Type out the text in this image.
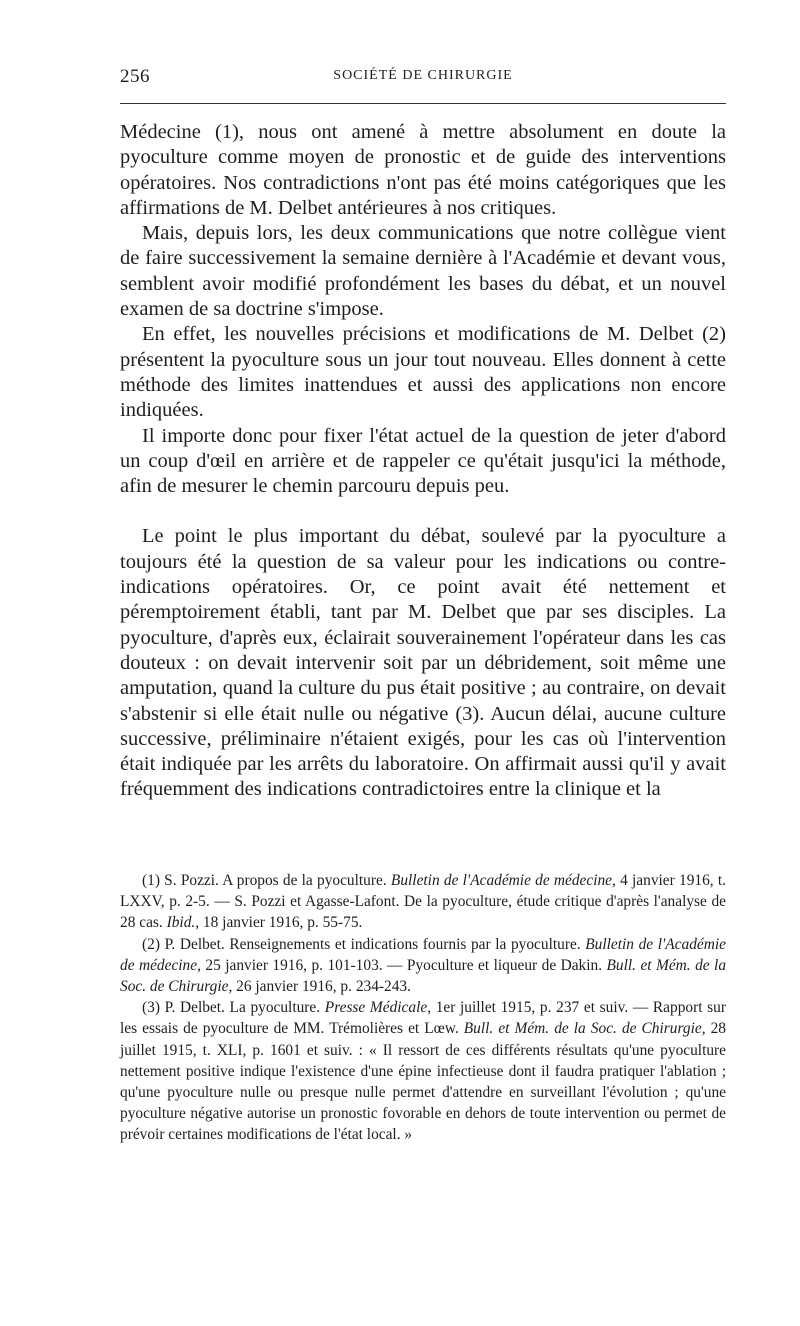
256	SOCIÉTÉ DE CHIRURGIE

Médecine (1), nous ont amené à mettre absolument en doute la pyoculture comme moyen de pronostic et de guide des interventions opératoires. Nos contradictions n'ont pas été moins catégoriques que les affirmations de M. Delbet antérieures à nos critiques.

Mais, depuis lors, les deux communications que notre collègue vient de faire successivement la semaine dernière à l'Académie et devant vous, semblent avoir modifié profondément les bases du débat, et un nouvel examen de sa doctrine s'impose.

En effet, les nouvelles précisions et modifications de M. Delbet (2) présentent la pyoculture sous un jour tout nouveau. Elles donnent à cette méthode des limites inattendues et aussi des applications non encore indiquées.

Il importe donc pour fixer l'état actuel de la question de jeter d'abord un coup d'œil en arrière et de rappeler ce qu'était jusqu'ici la méthode, afin de mesurer le chemin parcouru depuis peu.

Le point le plus important du débat, soulevé par la pyoculture a toujours été la question de sa valeur pour les indications ou contre-indications opératoires. Or, ce point avait été nettement et péremptoirement établi, tant par M. Delbet que par ses disciples. La pyoculture, d'après eux, éclairait souverainement l'opérateur dans les cas douteux : on devait intervenir soit par un débridement, soit même une amputation, quand la culture du pus était positive ; au contraire, on devait s'abstenir si elle était nulle ou négative (3). Aucun délai, aucune culture successive, préliminaire n'étaient exigés, pour les cas où l'intervention était indiquée par les arrêts du laboratoire. On affirmait aussi qu'il y avait fréquemment des indications contradictoires entre la clinique et la

(1) S. Pozzi. A propos de la pyoculture. Bulletin de l'Académie de médecine, 4 janvier 1916, t. LXXV, p. 2-5. — S. Pozzi et Agasse-Lafont. De la pyoculture, étude critique d'après l'analyse de 28 cas. Ibid., 18 janvier 1916, p. 55-75.

(2) P. Delbet. Renseignements et indications fournis par la pyoculture. Bulletin de l'Académie de médecine, 25 janvier 1916, p. 101-103. — Pyoculture et liqueur de Dakin. Bull. et Mém. de la Soc. de Chirurgie, 26 janvier 1916, p. 234-243.

(3) P. Delbet. La pyoculture. Presse Médicale, 1er juillet 1915, p. 237 et suiv. — Rapport sur les essais de pyoculture de MM. Trémolières et Lœw. Bull. et Mém. de la Soc. de Chirurgie, 28 juillet 1915, t. XLI, p. 1601 et suiv. : « Il ressort de ces différents résultats qu'une pyoculture nettement positive indique l'existence d'une épine infectieuse dont il faudra pratiquer l'ablation ; qu'une pyoculture nulle ou presque nulle permet d'attendre en surveillant l'évolution ; qu'une pyoculture négative autorise un pronostic fovorable en dehors de toute intervention ou permet de prévoir certaines modifications de l'état local. »
